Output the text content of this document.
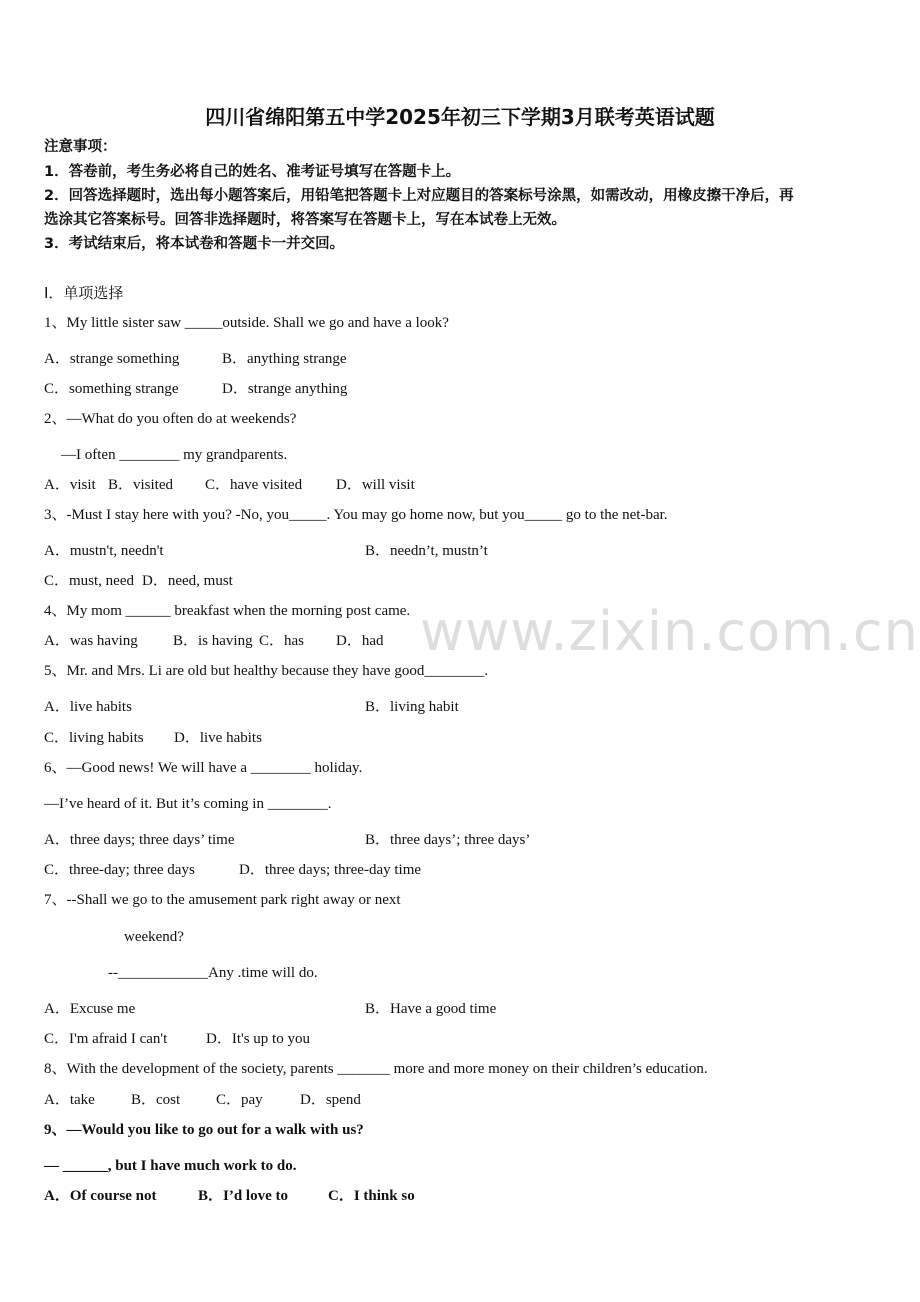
四川省绵阳第五中学2025年初三下学期3月联考英语试题
注意事项：
1．答卷前，考生务必将自己的姓名、准考证号填写在答题卡上。
2．回答选择题时，选出每小题答案后，用铅笔把答题卡上对应题目的答案标号涂黑，如需改动，用橡皮擦干净后，再
选涂其它答案标号。回答非选择题时，将答案写在答题卡上，写在本试卷上无效。
3．考试结束后，将本试卷和答题卡一并交回。
Ⅰ．单项选择
1、My little sister saw _____outside. Shall we go and have a look?
A．strange something	B．anything strange
C．something strange	D．strange anything
2、—What do you often do at weekends?
—I often ________ my grandparents.
A．visit B．visited C．have visited D．will visit
3、-Must I stay here with you? -No, you_____. You may go home now, but you_____ go to the net-bar.
A．mustn't, needn't	B．needn’t, mustn’t
C．must, need D．need, must
4、My mom ______ breakfast when the morning post came.
A．was having B．is having C．has D．had
5、Mr. and Mrs. Li are old but healthy because they have good________.
A．live habits	B．living habit
C．living habits D．live habits
6、—Good news! We will have a ________ holiday.
—I’ve heard of it. But it’s coming in ________.
A．three days; three days’ time	B．three days’; three days’
C．three-day; three days	D．three days; three-day time
7、--Shall we go to the amusement park right away or next
weekend?
--____________Any .time will do.
A．Excuse me	B．Have a good time
C．I'm afraid I can't	D．It's up to you
8、With the development of the society, parents _______ more and more money on their children’s education.
A．take B．cost C．pay D．spend
9、—Would you like to go out for a walk with us?
— ______, but I have much work to do.
A．Of course not	B．I’d love to	C．I think so
www.zixin.com.cn
